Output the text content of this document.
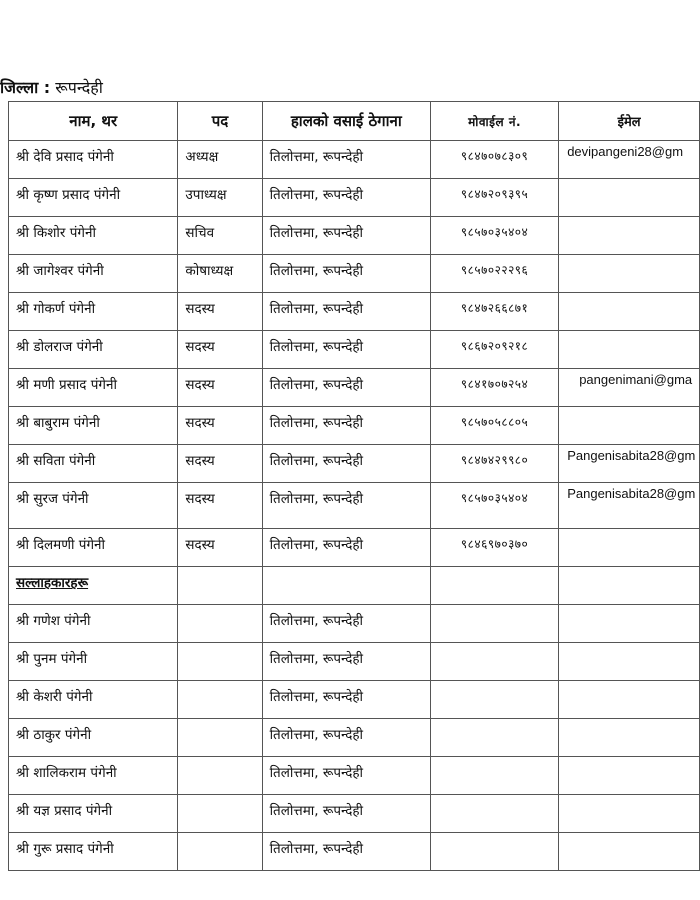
जिल्ला : रूपन्देही
नाम, थर	पद	हालको वसाई ठेगाना	मोवाईल नं.	ईमेल
श्री देवि प्रसाद पंगेनी	अध्यक्ष	तिलोत्तमा, रूपन्देही	९८४७०७८३०९	devipangeni28@gm
श्री कृष्ण प्रसाद पंगेनी	उपाध्यक्ष	तिलोत्तमा, रूपन्देही	९८४७२०९३९५	
श्री किशोर पंगेनी	सचिव	तिलोत्तमा, रूपन्देही	९८५७०३५४०४	
श्री जागेश्वर पंगेनी	कोषाध्यक्ष	तिलोत्तमा, रूपन्देही	९८५७०२२२९६	
श्री गोकर्ण पंगेनी	सदस्य	तिलोत्तमा, रूपन्देही	९८४७२६६८७१	
श्री डोलराज पंगेनी	सदस्य	तिलोत्तमा, रूपन्देही	९८६७२०९२१८	
श्री मणी प्रसाद पंगेनी	सदस्य	तिलोत्तमा, रूपन्देही	९८४१७०७२५४	pangenimani@gma
श्री बाबुराम पंगेनी	सदस्य	तिलोत्तमा, रूपन्देही	९८५७०५८८०५	
श्री सविता पंगेनी	सदस्य	तिलोत्तमा, रूपन्देही	९८४७४२९९८०	Pangenisabita28@gm
श्री सुरज पंगेनी	सदस्य	तिलोत्तमा, रूपन्देही	९८५७०३५४०४	Pangenisabita28@gm
श्री दिलमणी पंगेनी	सदस्य	तिलोत्तमा, रूपन्देही	९८४६९७०३७०	
सल्लाहकारहरू				
श्री गणेश पंगेनी		तिलोत्तमा, रूपन्देही		
श्री पुनम पंगेनी		तिलोत्तमा, रूपन्देही		
श्री केशरी पंगेनी		तिलोत्तमा, रूपन्देही		
श्री ठाकुर पंगेनी		तिलोत्तमा, रूपन्देही		
श्री शालिकराम पंगेनी		तिलोत्तमा, रूपन्देही		
श्री यज्ञ प्रसाद पंगेनी		तिलोत्तमा, रूपन्देही		
श्री गुरू प्रसाद पंगेनी		तिलोत्तमा, रूपन्देही		
